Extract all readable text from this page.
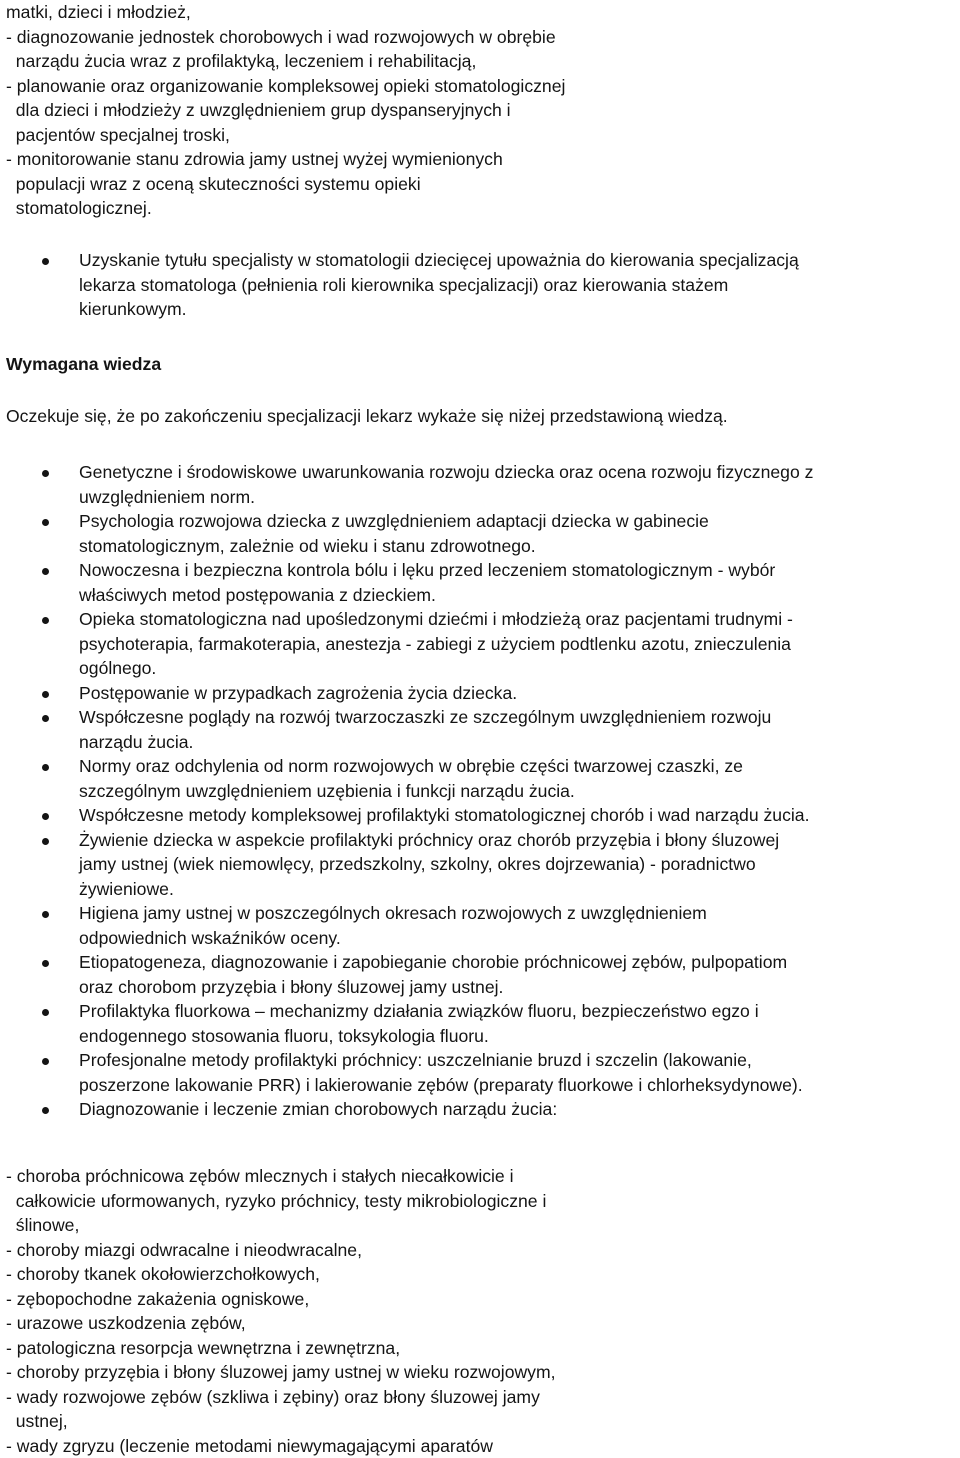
matki, dzieci i młodzież,
- diagnozowanie jednostek chorobowych i wad rozwojowych w obrębie
narządu żucia wraz z profilaktyką, leczeniem i rehabilitacją,
- planowanie oraz organizowanie kompleksowej opieki stomatologicznej
dla dzieci i młodzieży z uwzględnieniem grup dyspanseryjnych i
pacjentów specjalnej troski,
- monitorowanie stanu zdrowia jamy ustnej wyżej wymienionych
populacji wraz z oceną skuteczności systemu opieki
stomatologicznej.
Uzyskanie tytułu specjalisty w stomatologii dziecięcej upoważnia do kierowania specjalizacją
lekarza stomatologa (pełnienia roli kierownika specjalizacji) oraz kierowania stażem
kierunkowym.
Wymagana wiedza
Oczekuje się, że po zakończeniu specjalizacji lekarz wykaże się niżej przedstawioną wiedzą.
Genetyczne i środowiskowe uwarunkowania rozwoju dziecka oraz ocena rozwoju fizycznego z
uwzględnieniem norm.
Psychologia rozwojowa dziecka z uwzględnieniem adaptacji dziecka w gabinecie
stomatologicznym, zależnie od wieku i stanu zdrowotnego.
Nowoczesna i bezpieczna kontrola bólu i lęku przed leczeniem stomatologicznym - wybór
właściwych metod postępowania z dzieckiem.
Opieka stomatologiczna nad upośledzonymi dziećmi i młodzieżą oraz pacjentami trudnymi -
psychoterapia, farmakoterapia, anestezja - zabiegi z użyciem podtlenku azotu, znieczulenia
ogólnego.
Postępowanie w przypadkach zagrożenia życia dziecka.
Współczesne poglądy na rozwój twarzoczaszki ze szczególnym uwzględnieniem rozwoju
narządu żucia.
Normy oraz odchylenia od norm rozwojowych w obrębie części twarzowej czaszki, ze
szczególnym uwzględnieniem uzębienia i funkcji narządu żucia.
Współczesne metody kompleksowej profilaktyki stomatologicznej chorób i wad narządu żucia.
Żywienie dziecka w aspekcie profilaktyki próchnicy oraz chorób przyzębia i błony śluzowej
jamy ustnej (wiek niemowlęcy, przedszkolny, szkolny, okres dojrzewania) - poradnictwo
żywieniowe.
Higiena jamy ustnej w poszczególnych okresach rozwojowych z uwzględnieniem
odpowiednich wskaźników oceny.
Etiopatogeneza, diagnozowanie i zapobieganie chorobie próchnicowej zębów, pulpopatiom
oraz chorobom przyzębia i błony śluzowej jamy ustnej.
Profilaktyka fluorkowa – mechanizmy działania związków fluoru, bezpieczeństwo egzo i
endogennego stosowania fluoru, toksykologia fluoru.
Profesjonalne metody profilaktyki próchnicy: uszczelnianie bruzd i szczelin (lakowanie,
poszerzone lakowanie PRR) i lakierowanie zębów (preparaty fluorkowe i chlorheksydynowe).
Diagnozowanie i leczenie zmian chorobowych narządu żucia:
- choroba próchnicowa zębów mlecznych i stałych niecałkowicie i
całkowicie uformowanych, ryzyko próchnicy, testy mikrobiologiczne i
ślinowe,
- choroby miazgi odwracalne i nieodwracalne,
- choroby tkanek okołowierzchołkowych,
- zębopochodne zakażenia ogniskowe,
- urazowe uszkodzenia zębów,
- patologiczna resorpcja wewnętrzna i zewnętrzna,
- choroby przyzębia i błony śluzowej jamy ustnej w wieku rozwojowym,
- wady rozwojowe zębów (szkliwa i zębiny) oraz błony śluzowej jamy
ustnej,
- wady zgryzu (leczenie metodami niewymagającymi aparatów
